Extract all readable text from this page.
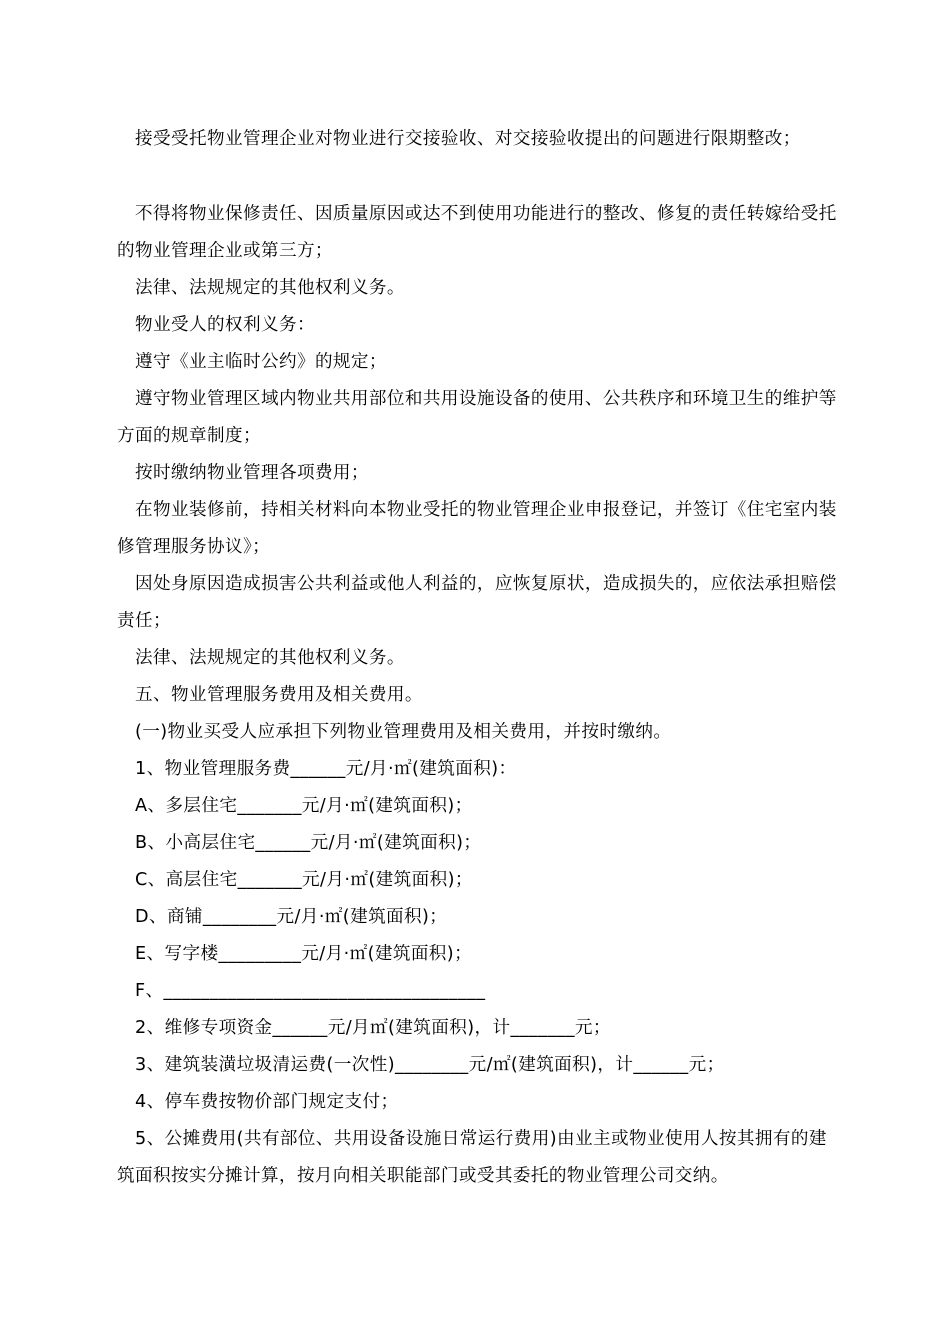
接受受托物业管理企业对物业进行交接验收、对交接验收提出的问题进行限期整改；
不得将物业保修责任、因质量原因或达不到使用功能进行的整改、修复的责任转嫁给受托的物业管理企业或第三方；
法律、法规规定的其他权利义务。
物业受人的权利义务：
遵守《业主临时公约》的规定；
遵守物业管理区域内物业共用部位和共用设施设备的使用、公共秩序和环境卫生的维护等方面的规章制度；
按时缴纳物业管理各项费用；
在物业装修前，持相关材料向本物业受托的物业管理企业申报登记，并签订《住宅室内装修管理服务协议》；
因处身原因造成损害公共利益或他人利益的，应恢复原状，造成损失的，应依法承担赔偿责任；
法律、法规规定的其他权利义务。
五、物业管理服务费用及相关费用。
(一)物业买受人应承担下列物业管理费用及相关费用，并按时缴纳。
1、物业管理服务费______元/月·㎡(建筑面积)：
A、多层住宅_______元/月·㎡(建筑面积)；
B、小高层住宅______元/月·㎡(建筑面积)；
C、高层住宅_______元/月·㎡(建筑面积)；
D、商铺________元/月·㎡(建筑面积)；
E、写字楼_________元/月·㎡(建筑面积)；
F、___________________________________
2、维修专项资金______元/月㎡(建筑面积)，计_______元；
3、建筑装潢垃圾清运费(一次性)________元/㎡(建筑面积)，计______元；
4、停车费按物价部门规定支付；
5、公摊费用(共有部位、共用设备设施日常运行费用)由业主或物业使用人按其拥有的建筑面积按实分摊计算，按月向相关职能部门或受其委托的物业管理公司交纳。
